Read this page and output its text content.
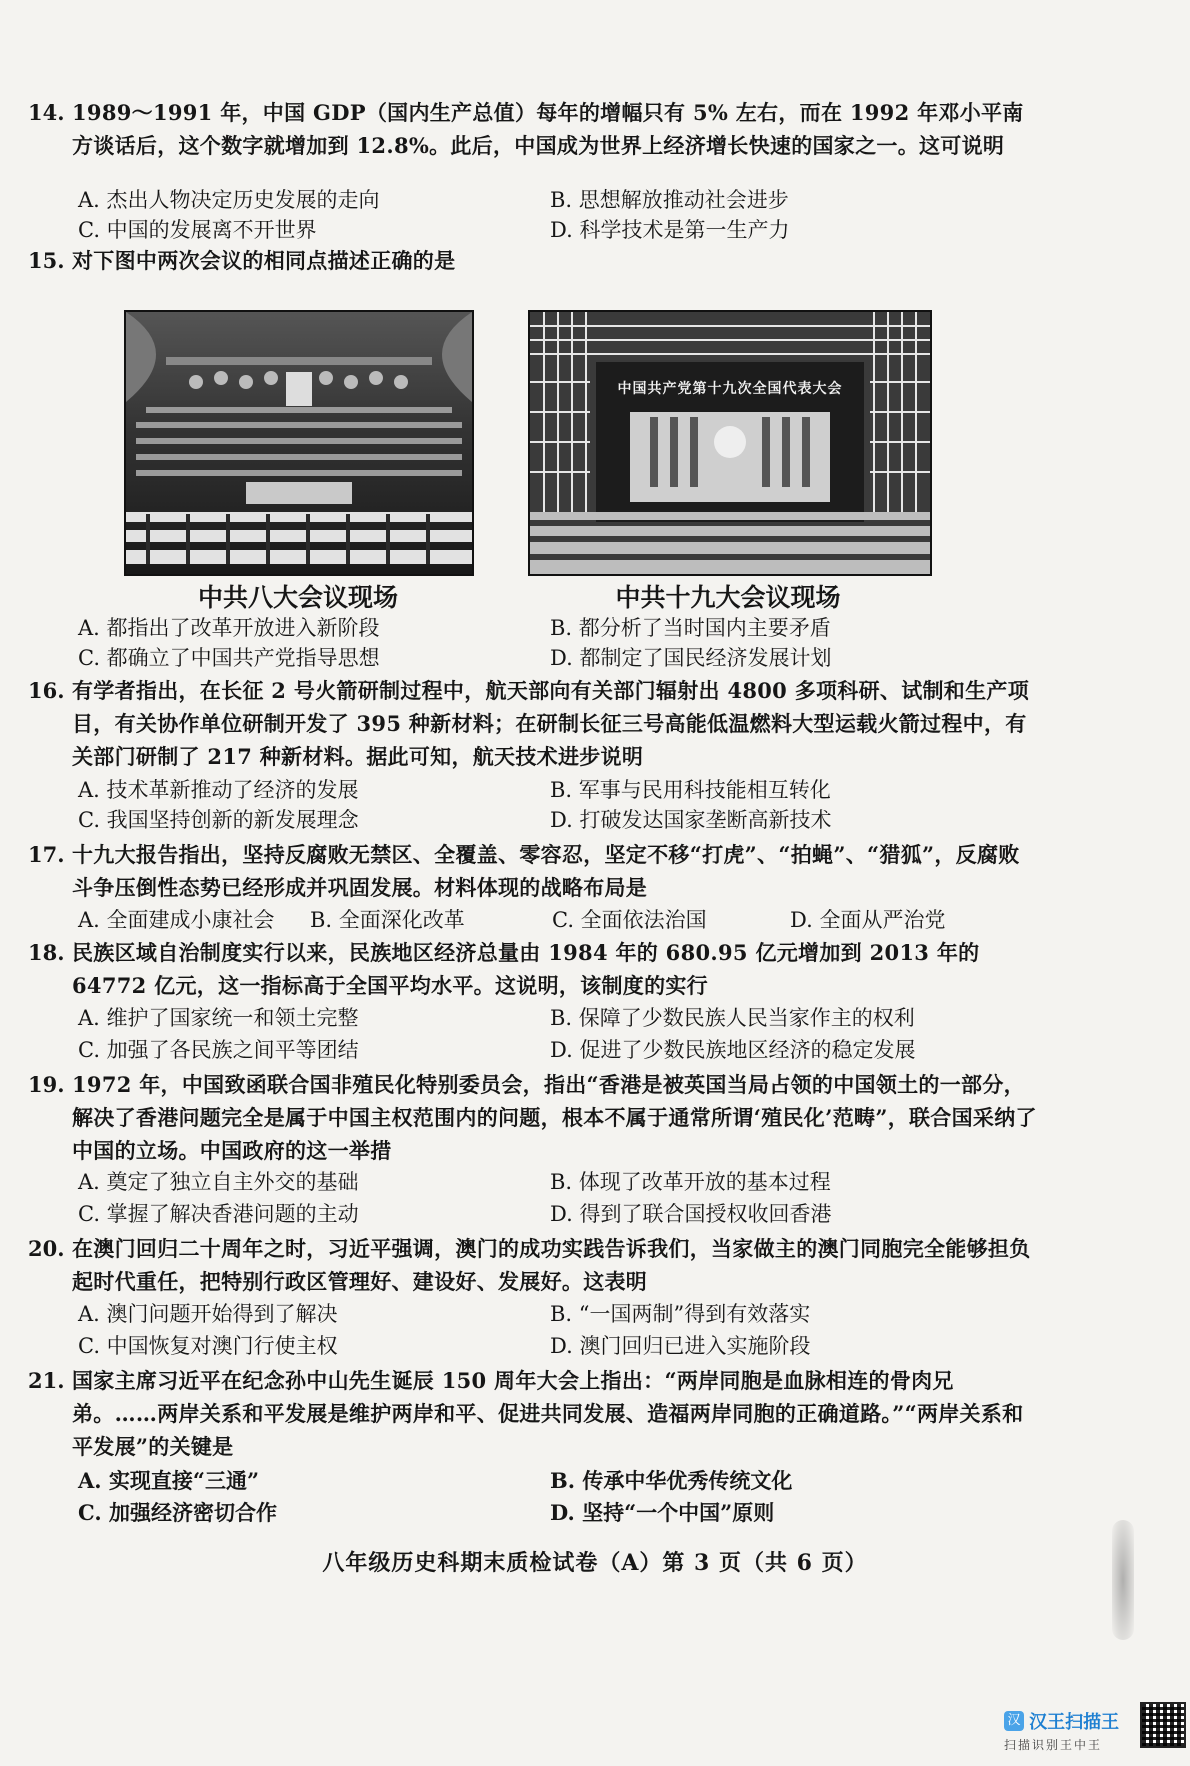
14. 1989～1991 年，中国 GDP（国内生产总值）每年的增幅只有 5% 左右，而在 1992 年邓小平南方谈话后，这个数字就增加到 12.8%。此后，中国成为世界上经济增长快速的国家之一。这可说明
A. 杰出人物决定历史发展的走向	B. 思想解放推动社会进步
C. 中国的发展离不开世界	D. 科学技术是第一生产力
15. 对下图中两次会议的相同点描述正确的是
中共八大会议现场
中国共产党第十九次全国代表大会
中共十九大会议现场
A. 都指出了改革开放进入新阶段	B. 都分析了当时国内主要矛盾
C. 都确立了中国共产党指导思想	D. 都制定了国民经济发展计划
16. 有学者指出，在长征 2 号火箭研制过程中，航天部向有关部门辐射出 4800 多项科研、试制和生产项目，有关协作单位研制开发了 395 种新材料；在研制长征三号高能低温燃料大型运载火箭过程中，有关部门研制了 217 种新材料。据此可知，航天技术进步说明
A. 技术革新推动了经济的发展	B. 军事与民用科技能相互转化
C. 我国坚持创新的新发展理念	D. 打破发达国家垄断高新技术
17. 十九大报告指出，坚持反腐败无禁区、全覆盖、零容忍，坚定不移“打虎”、“拍蝇”、“猎狐”，反腐败斗争压倒性态势已经形成并巩固发展。材料体现的战略布局是
A. 全面建成小康社会 B. 全面深化改革	C. 全面依法治国	D. 全面从严治党
18. 民族区域自治制度实行以来，民族地区经济总量由 1984 年的 680.95 亿元增加到 2013 年的 64772 亿元，这一指标高于全国平均水平。这说明，该制度的实行
A. 维护了国家统一和领土完整	B. 保障了少数民族人民当家作主的权利
C. 加强了各民族之间平等团结	D. 促进了少数民族地区经济的稳定发展
19. 1972 年，中国致函联合国非殖民化特别委员会，指出“香港是被英国当局占领的中国领土的一部分，解决了香港问题完全是属于中国主权范围内的问题，根本不属于通常所谓‘殖民化’范畴”，联合国采纳了中国的立场。中国政府的这一举措
A. 奠定了独立自主外交的基础	B. 体现了改革开放的基本过程
C. 掌握了解决香港问题的主动	D. 得到了联合国授权收回香港
20. 在澳门回归二十周年之时，习近平强调，澳门的成功实践告诉我们，当家做主的澳门同胞完全能够担负起时代重任，把特别行政区管理好、建设好、发展好。这表明
A. 澳门问题开始得到了解决	B. “一国两制”得到有效落实
C. 中国恢复对澳门行使主权	D. 澳门回归已进入实施阶段
21. 国家主席习近平在纪念孙中山先生诞辰 150 周年大会上指出：“两岸同胞是血脉相连的骨肉兄弟。……两岸关系和平发展是维护两岸和平、促进共同发展、造福两岸同胞的正确道路。”“两岸关系和平发展”的关键是
A. 实现直接“三通”	B. 传承中华优秀传统文化
C. 加强经济密切合作	D. 坚持“一个中国”原则
八年级历史科期末质检试卷（A）第 3 页（共 6 页）
汉 汉王扫描王
扫描识别王中王
